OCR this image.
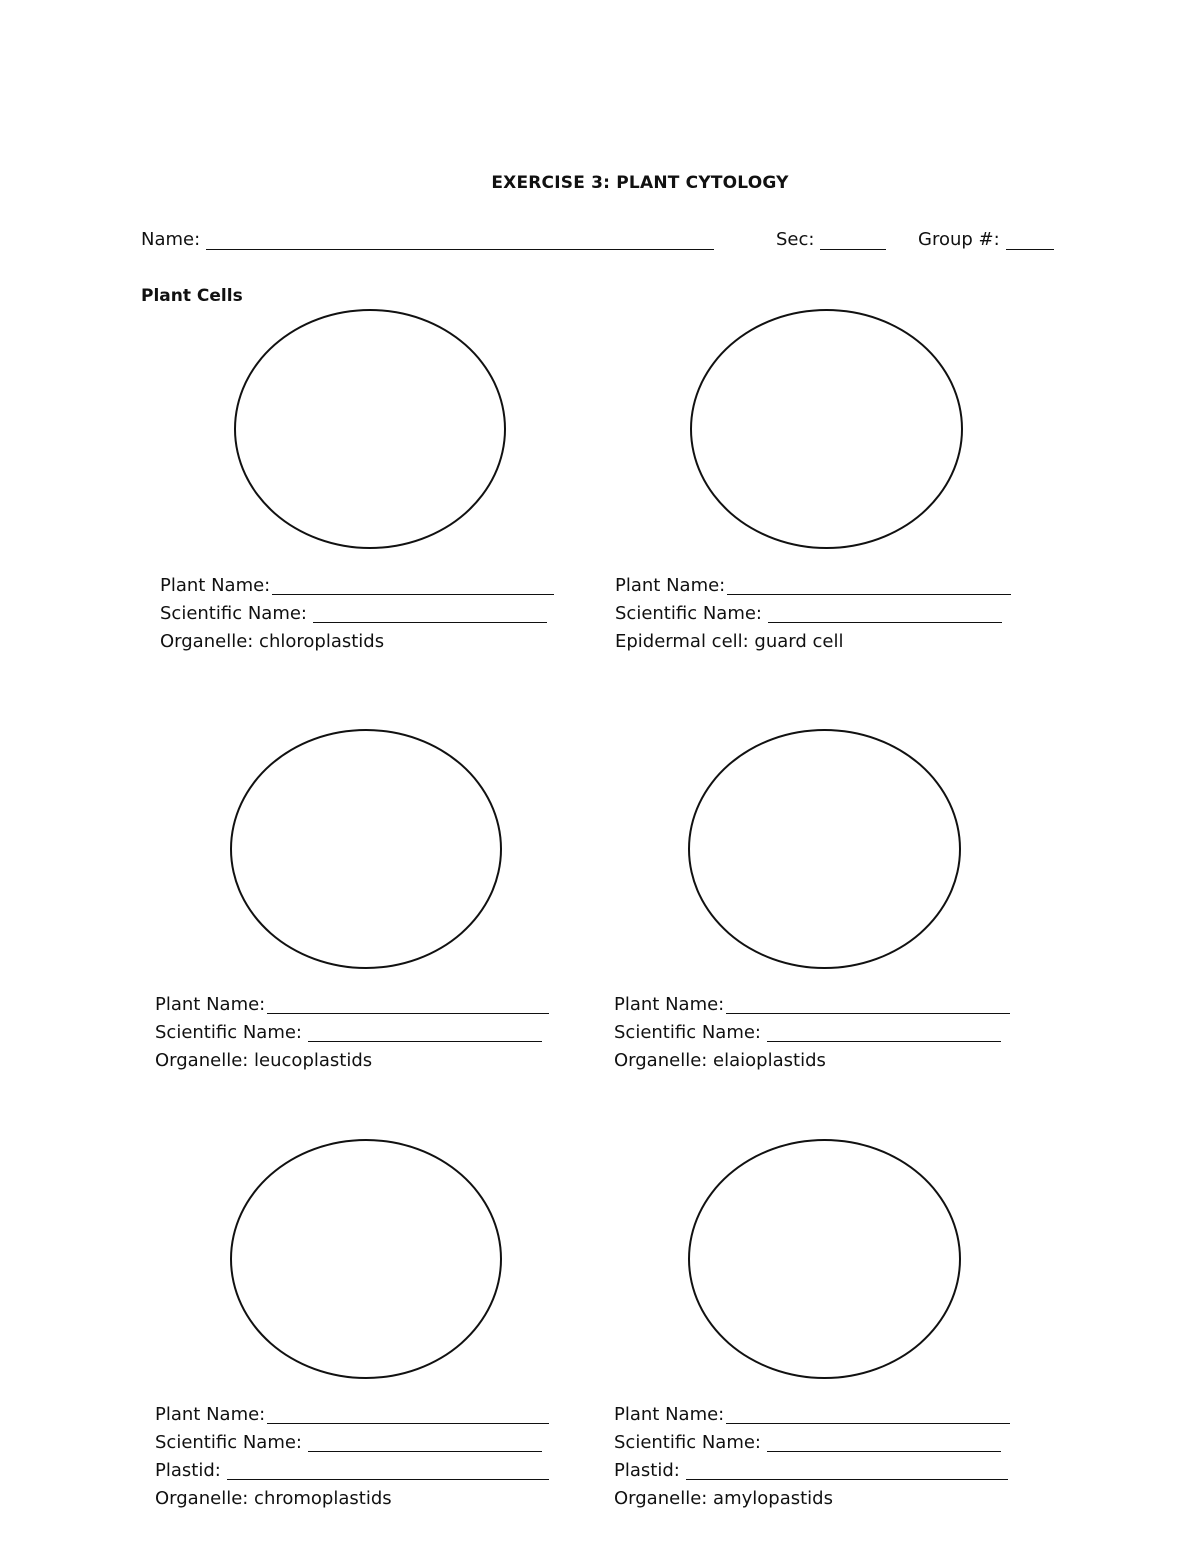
EXERCISE 3: PLANT CYTOLOGY
Name:	Sec:	Group #:
Plant Cells
Plant Name:
Scientific Name:
Organelle: chloroplastids
Plant Name:
Scientific Name:
Epidermal cell: guard cell
Plant Name:
Scientific Name:
Organelle: leucoplastids
Plant Name:
Scientific Name:
Organelle: elaioplastids
Plant Name:
Scientific Name:
Plastid:
Organelle: chromoplastids
Plant Name:
Scientific Name:
Plastid:
Organelle: amylopastids
